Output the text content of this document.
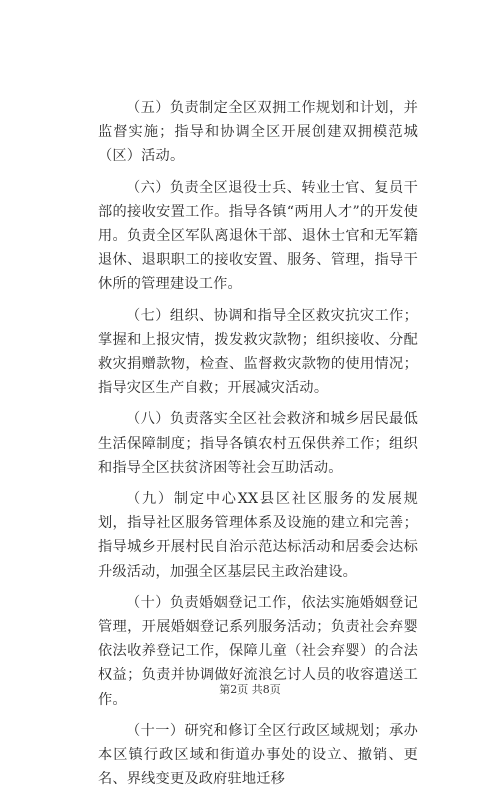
（五）负责制定全区双拥工作规划和计划，并监督实施；指导和协调全区开展创建双拥模范城（区）活动。

（六）负责全区退役士兵、转业士官、复员干部的接收安置工作。指导各镇“两用人才”的开发使用。负责全区军队离退休干部、退休士官和无军籍退休、退职职工的接收安置、服务、管理，指导干休所的管理建设工作。

（七）组织、协调和指导全区救灾抗灾工作；掌握和上报灾情，拨发救灾款物；组织接收、分配救灾捐赠款物，检查、监督救灾款物的使用情况；指导灾区生产自救；开展减灾活动。

（八）负责落实全区社会救济和城乡居民最低生活保障制度；指导各镇农村五保供养工作；组织和指导全区扶贫济困等社会互助活动。

（九）制定中心XX县区社区服务的发展规划，指导社区服务管理体系及设施的建立和完善；指导城乡开展村民自治示范达标活动和居委会达标升级活动，加强全区基层民主政治建设。

（十）负责婚姻登记工作，依法实施婚姻登记管理，开展婚姻登记系列服务活动；负责社会弃婴依法收养登记工作，保障儿童（社会弃婴）的合法权益；负责并协调做好流浪乞讨人员的收容遣送工作。

（十一）研究和修订全区行政区域规划；承办本区镇行政区域和街道办事处的设立、撤销、更名、界线变更及政府驻地迁移

第2页 共8页
